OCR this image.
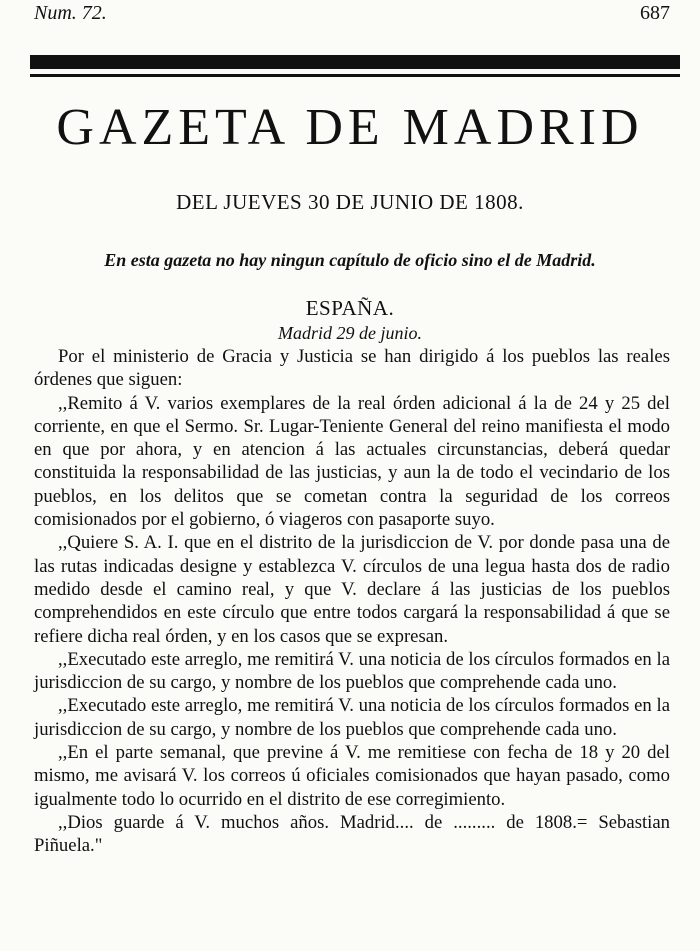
Num. 72.	687
GAZETA DE MADRID
DEL JUEVES 30 DE JUNIO DE 1808.
En esta gazeta no hay ningun capítulo de oficio sino el de Madrid.
ESPAÑA.
Madrid 29 de junio.

Por el ministerio de Gracia y Justicia se han dirigido á los pueblos las reales órdenes que siguen:

,,Remito á V. varios exemplares de la real órden adicional á la de 24 y 25 del corriente, en que el Sermo. Sr. Lugar-Teniente General del reino manifiesta el modo en que por ahora, y en atencion á las actuales circunstancias, deberá quedar constituida la responsabilidad de las justicias, y aun la de todo el vecindario de los pueblos, en los delitos que se cometan contra la seguridad de los correos comisionados por el gobierno, ó viageros con pasaporte suyo.

,,Quiere S. A. I. que en el distrito de la jurisdiccion de V. por donde pasa una de las rutas indicadas designe y establezca V. círculos de una legua hasta dos de radio medido desde el camino real, y que V. declare á las justicias de los pueblos comprehendidos en este círculo que entre todos cargará la responsabilidad á que se refiere dicha real órden, y en los casos que se expresan.

,,Executado este arreglo, me remitirá V. una noticia de los círculos formados en la jurisdiccion de su cargo, y nombre de los pueblos que comprehende cada uno.

,,Executado este arreglo, me remitirá V. una noticia de los círculos formados en la jurisdiccion de su cargo, y nombre de los pueblos que comprehende cada uno.

,,En el parte semanal, que previne á V. me remitiese con fecha de 18 y 20 del mismo, me avisará V. los correos ú oficiales comisionados que hayan pasado, como igualmente todo lo ocurrido en el distrito de ese corregimiento.

,,Dios guarde á V. muchos años. Madrid.... de ......... de 1808.= Sebastian Piñuela."
